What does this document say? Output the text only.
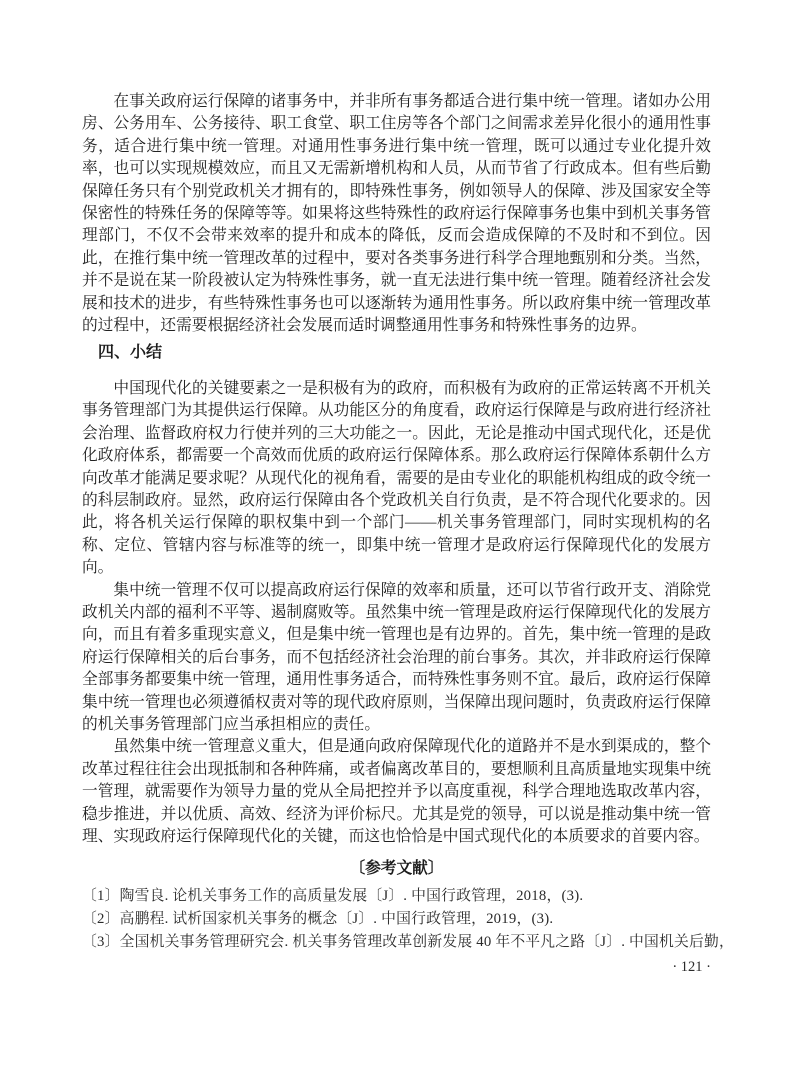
在事关政府运行保障的诸事务中，并非所有事务都适合进行集中统一管理。诸如办公用房、公务用车、公务接待、职工食堂、职工住房等各个部门之间需求差异化很小的通用性事务，适合进行集中统一管理。对通用性事务进行集中统一管理，既可以通过专业化提升效率，也可以实现规模效应，而且又无需新增机构和人员，从而节省了行政成本。但有些后勤保障任务只有个别党政机关才拥有的，即特殊性事务，例如领导人的保障、涉及国家安全等保密性的特殊任务的保障等等。如果将这些特殊性的政府运行保障事务也集中到机关事务管理部门，不仅不会带来效率的提升和成本的降低，反而会造成保障的不及时和不到位。因此，在推行集中统一管理改革的过程中，要对各类事务进行科学合理地甄别和分类。当然，并不是说在某一阶段被认定为特殊性事务，就一直无法进行集中统一管理。随着经济社会发展和技术的进步，有些特殊性事务也可以逐渐转为通用性事务。所以政府集中统一管理改革的过程中，还需要根据经济社会发展而适时调整通用性事务和特殊性事务的边界。

四、小结

中国现代化的关键要素之一是积极有为的政府，而积极有为政府的正常运转离不开机关事务管理部门为其提供运行保障。从功能区分的角度看，政府运行保障是与政府进行经济社会治理、监督政府权力行使并列的三大功能之一。因此，无论是推动中国式现代化，还是优化政府体系，都需要一个高效而优质的政府运行保障体系。那么政府运行保障体系朝什么方向改革才能满足要求呢？从现代化的视角看，需要的是由专业化的职能机构组成的政令统一的科层制政府。显然，政府运行保障由各个党政机关自行负责，是不符合现代化要求的。因此，将各机关运行保障的职权集中到一个部门——机关事务管理部门，同时实现机构的名称、定位、管辖内容与标准等的统一，即集中统一管理才是政府运行保障现代化的发展方向。

集中统一管理不仅可以提高政府运行保障的效率和质量，还可以节省行政开支、消除党政机关内部的福利不平等、遏制腐败等。虽然集中统一管理是政府运行保障现代化的发展方向，而且有着多重现实意义，但是集中统一管理也是有边界的。首先，集中统一管理的是政府运行保障相关的后台事务，而不包括经济社会治理的前台事务。其次，并非政府运行保障全部事务都要集中统一管理，通用性事务适合，而特殊性事务则不宜。最后，政府运行保障集中统一管理也必须遵循权责对等的现代政府原则，当保障出现问题时，负责政府运行保障的机关事务管理部门应当承担相应的责任。

虽然集中统一管理意义重大，但是通向政府保障现代化的道路并不是水到渠成的，整个改革过程往往会出现抵制和各种阵痛，或者偏离改革目的，要想顺利且高质量地实现集中统一管理，就需要作为领导力量的党从全局把控并予以高度重视，科学合理地选取改革内容，稳步推进，并以优质、高效、经济为评价标尺。尤其是党的领导，可以说是推动集中统一管理、实现政府运行保障现代化的关键，而这也恰恰是中国式现代化的本质要求的首要内容。

〔参考文献〕
〔1〕陶雪良. 论机关事务工作的高质量发展〔J〕. 中国行政管理，2018，(3).
〔2〕高鹏程. 试析国家机关事务的概念〔J〕. 中国行政管理，2019，(3).
〔3〕全国机关事务管理研究会. 机关事务管理改革创新发展 40 年不平凡之路〔J〕. 中国机关后勤，
· 121 ·
